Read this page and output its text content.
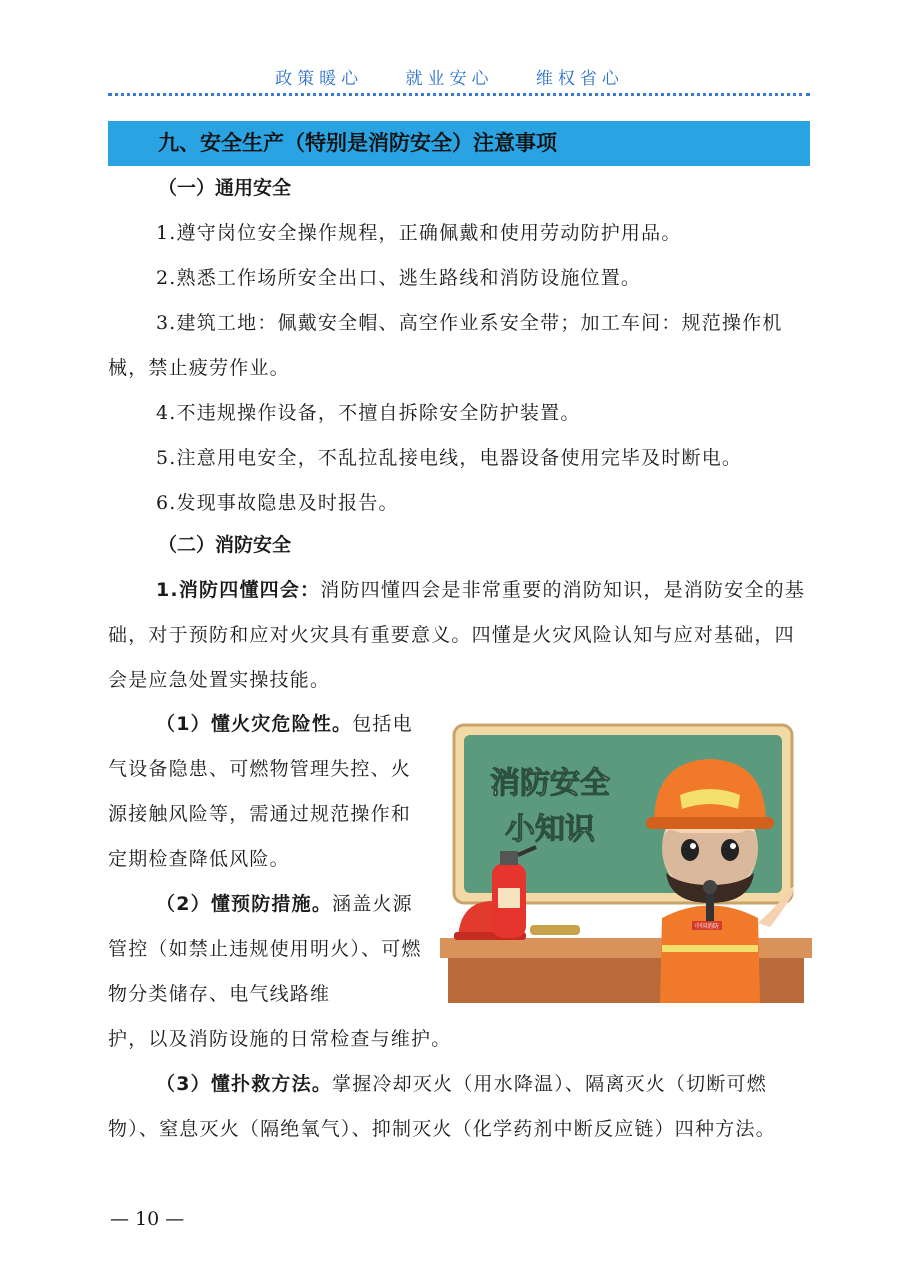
政策暖心 就业安心 维权省心
九、安全生产（特别是消防安全）注意事项
（一）通用安全

1.遵守岗位安全操作规程，正确佩戴和使用劳动防护用品。

2.熟悉工作场所安全出口、逃生路线和消防设施位置。

3.建筑工地：佩戴安全帽、高空作业系安全带；加工车间：规范操作机械，禁止疲劳作业。

4.不违规操作设备，不擅自拆除安全防护装置。

5.注意用电安全，不乱拉乱接电线，电器设备使用完毕及时断电。

6.发现事故隐患及时报告。

（二）消防安全

1.消防四懂四会：消防四懂四会是非常重要的消防知识，是消防安全的基础，对于预防和应对火灾具有重要意义。四懂是火灾风险认知与应对基础，四会是应急处置实操技能。

（1）懂火灾危险性。包括电气设备隐患、可燃物管理失控、火源接触风险等，需通过规范操作和定期检查降低风险。

（2）懂预防措施。涵盖火源管控（如禁止违规使用明火）、可燃物分类储存、电气线路维

护，以及消防设施的日常检查与维护。

（3）懂扑救方法。掌握冷却灭火（用水降温）、隔离灭火（切断可燃物）、窒息灭火（隔绝氧气）、抑制灭火（化学药剂中断反应链）四种方法。

消防安全
小知识
中国消防
— 10 —
